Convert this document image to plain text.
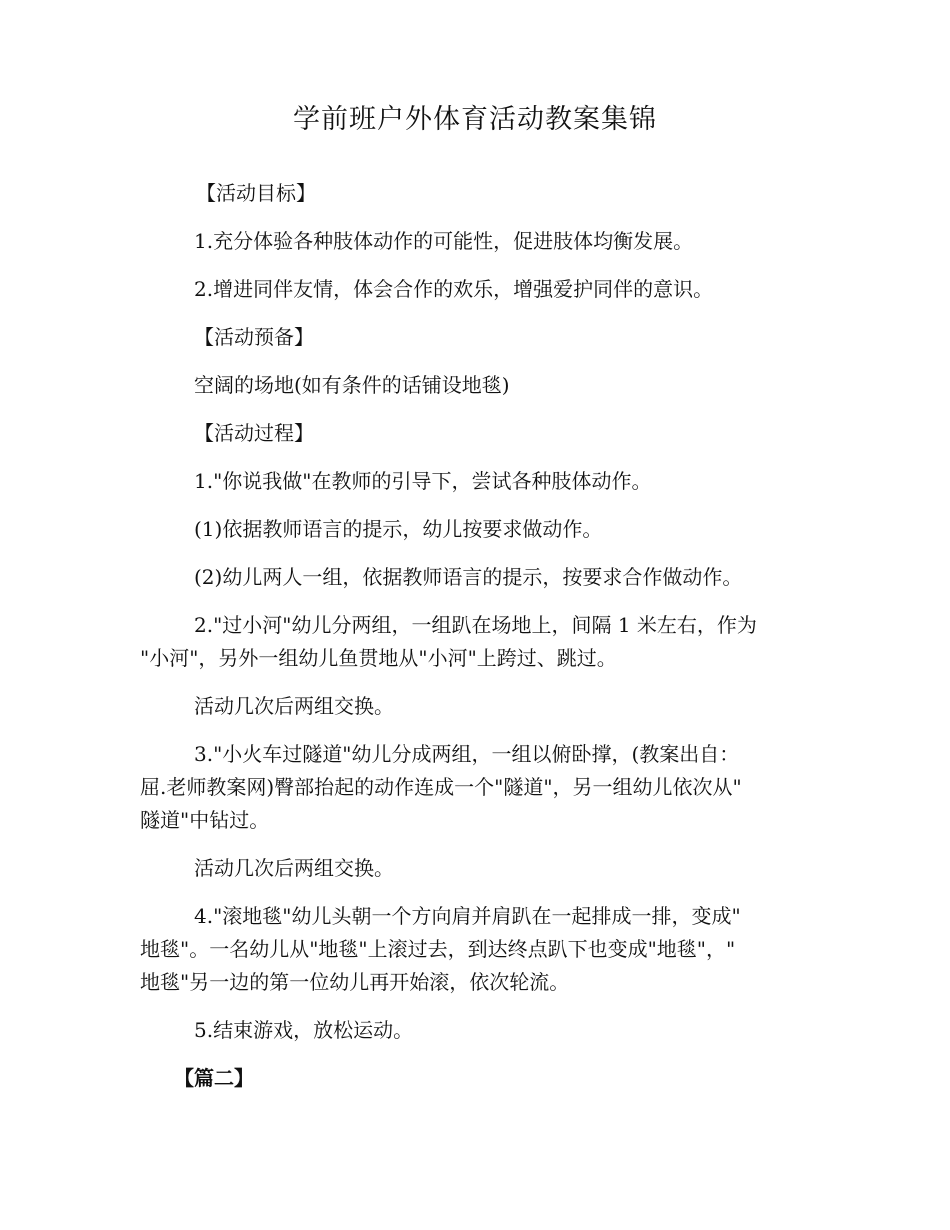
学前班户外体育活动教案集锦
【活动目标】
1.充分体验各种肢体动作的可能性，促进肢体均衡发展。
2.增进同伴友情，体会合作的欢乐，增强爱护同伴的意识。
【活动预备】
空阔的场地(如有条件的话铺设地毯)
【活动过程】
1."你说我做"在教师的引导下，尝试各种肢体动作。
(1)依据教师语言的提示，幼儿按要求做动作。
(2)幼儿两人一组，依据教师语言的提示，按要求合作做动作。
2."过小河"幼儿分两组，一组趴在场地上，间隔 1 米左右，作为
"小河"，另外一组幼儿鱼贯地从"小河"上跨过、跳过。
活动几次后两组交换。
3."小火车过隧道"幼儿分成两组，一组以俯卧撑，(教案出自：
屈.老师教案网)臀部抬起的动作连成一个"隧道"，另一组幼儿依次从"
隧道"中钻过。
活动几次后两组交换。
4."滚地毯"幼儿头朝一个方向肩并肩趴在一起排成一排，变成"
地毯"。一名幼儿从"地毯"上滚过去，到达终点趴下也变成"地毯"，"
地毯"另一边的第一位幼儿再开始滚，依次轮流。
5.结束游戏，放松运动。
【篇二】
